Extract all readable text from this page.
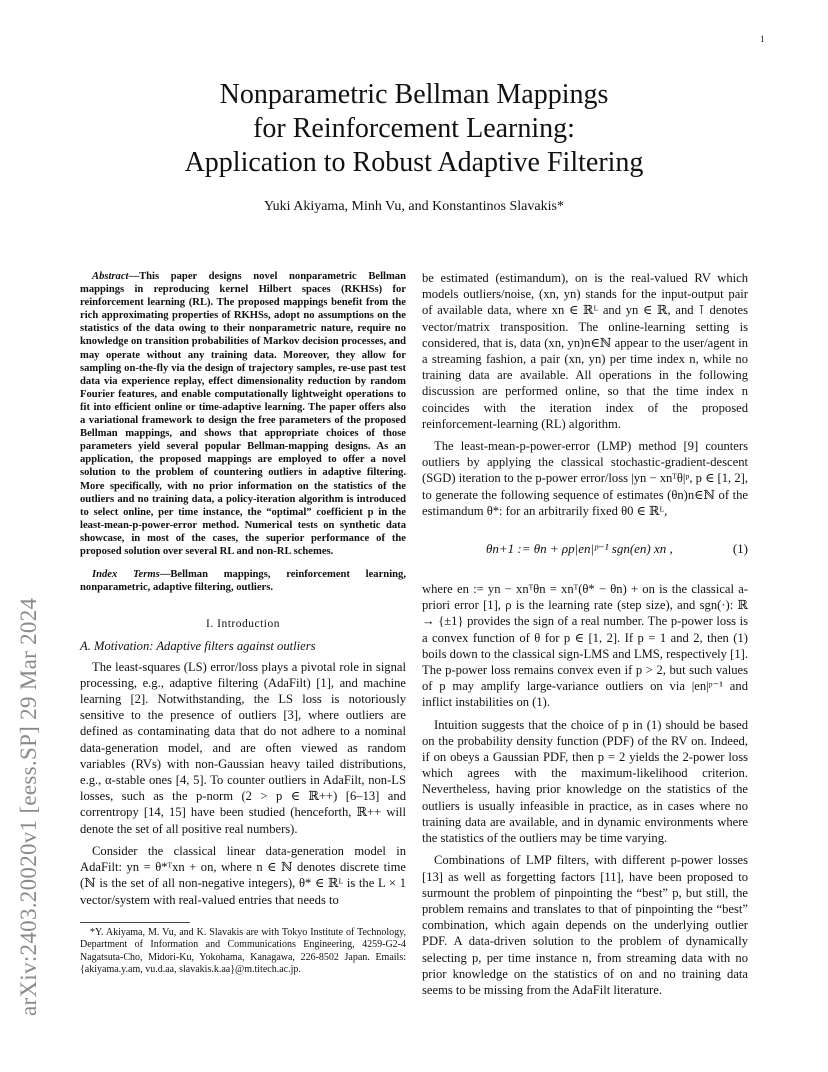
1
arXiv:2403.20020v1 [eess.SP] 29 Mar 2024
Nonparametric Bellman Mappings
for Reinforcement Learning:
Application to Robust Adaptive Filtering
Yuki Akiyama, Minh Vu, and Konstantinos Slavakis*

Abstract—This paper designs novel nonparametric Bellman mappings in reproducing kernel Hilbert spaces (RKHSs) for reinforcement learning (RL). The proposed mappings benefit from the rich approximating properties of RKHSs, adopt no assumptions on the statistics of the data owing to their nonparametric nature, require no knowledge on transition probabilities of Markov decision processes, and may operate without any training data. Moreover, they allow for sampling on-the-fly via the design of trajectory samples, re-use past test data via experience replay, effect dimensionality reduction by random Fourier features, and enable computationally lightweight operations to fit into efficient online or time-adaptive learning. The paper offers also a variational framework to design the free parameters of the proposed Bellman mappings, and shows that appropriate choices of those parameters yield several popular Bellman-mapping designs. As an application, the proposed mappings are employed to offer a novel solution to the problem of countering outliers in adaptive filtering. More specifically, with no prior information on the statistics of the outliers and no training data, a policy-iteration algorithm is introduced to select online, per time instance, the “optimal” coefficient p in the least-mean-p-power-error method. Numerical tests on synthetic data showcase, in most of the cases, the superior performance of the proposed solution over several RL and non-RL schemes.

Index Terms—Bellman mappings, reinforcement learning, nonparametric, adaptive filtering, outliers.

I. Introduction
A. Motivation: Adaptive filters against outliers

The least-squares (LS) error/loss plays a pivotal role in signal processing, e.g., adaptive filtering (AdaFilt) [1], and machine learning [2]. Notwithstanding, the LS loss is notoriously sensitive to the presence of outliers [3], where outliers are defined as contaminating data that do not adhere to a nominal data-generation model, and are often viewed as random variables (RVs) with non-Gaussian heavy tailed distributions, e.g., α-stable ones [4, 5]. To counter outliers in AdaFilt, non-LS losses, such as the p-norm (2 > p ∈ ℝ++) [6–13] and correntropy [14, 15] have been studied (henceforth, ℝ++ will denote the set of all positive real numbers).

Consider the classical linear data-generation model in AdaFilt: yn = θ*ᵀxn + on, where n ∈ ℕ denotes discrete time (ℕ is the set of all non-negative integers), θ* ∈ ℝᴸ is the L × 1 vector/system with real-valued entries that needs to

*Y. Akiyama, M. Vu, and K. Slavakis are with Tokyo Institute of Technology, Department of Information and Communications Engineering, 4259-G2-4 Nagatsuta-Cho, Midori-Ku, Yokohama, Kanagawa, 226-8502 Japan. Emails: {akiyama.y.am, vu.d.aa, slavakis.k.aa}@m.titech.ac.jp.

be estimated (estimandum), on is the real-valued RV which models outliers/noise, (xn, yn) stands for the input-output pair of available data, where xn ∈ ℝᴸ and yn ∈ ℝ, and ⊺ denotes vector/matrix transposition. The online-learning setting is considered, that is, data (xn, yn)n∈ℕ appear to the user/agent in a streaming fashion, a pair (xn, yn) per time index n, while no training data are available. All operations in the following discussion are performed online, so that the time index n coincides with the iteration index of the proposed reinforcement-learning (RL) algorithm.

The least-mean-p-power-error (LMP) method [9] counters outliers by applying the classical stochastic-gradient-descent (SGD) iteration to the p-power error/loss |yn − xnᵀθ|ᵖ, p ∈ [1, 2], to generate the following sequence of estimates (θn)n∈ℕ of the estimandum θ*: for an arbitrarily fixed θ0 ∈ ℝᴸ,

θn+1 := θn + ρp|en|ᵖ⁻¹ sgn(en) xn ,	(1)

where en := yn − xnᵀθn = xnᵀ(θ* − θn) + on is the classical a-priori error [1], ρ is the learning rate (step size), and sgn(·): ℝ → {±1} provides the sign of a real number. The p-power loss is a convex function of θ for p ∈ [1, 2]. If p = 1 and 2, then (1) boils down to the classical sign-LMS and LMS, respectively [1]. The p-power loss remains convex even if p > 2, but such values of p may amplify large-variance outliers on via |en|ᵖ⁻¹ and inflict instabilities on (1).

Intuition suggests that the choice of p in (1) should be based on the probability density function (PDF) of the RV on. Indeed, if on obeys a Gaussian PDF, then p = 2 yields the 2-power loss which agrees with the maximum-likelihood criterion. Nevertheless, having prior knowledge on the statistics of the outliers is usually infeasible in practice, as in cases where no training data are available, and in dynamic environments where the statistics of the outliers may be time varying.

Combinations of LMP filters, with different p-power losses [13] as well as forgetting factors [11], have been proposed to surmount the problem of pinpointing the “best” p, but still, the problem remains and translates to that of pinpointing the “best” combination, which again depends on the underlying outlier PDF. A data-driven solution to the problem of dynamically selecting p, per time instance n, from streaming data with no prior knowledge on the statistics of on and no training data seems to be missing from the AdaFilt literature.
